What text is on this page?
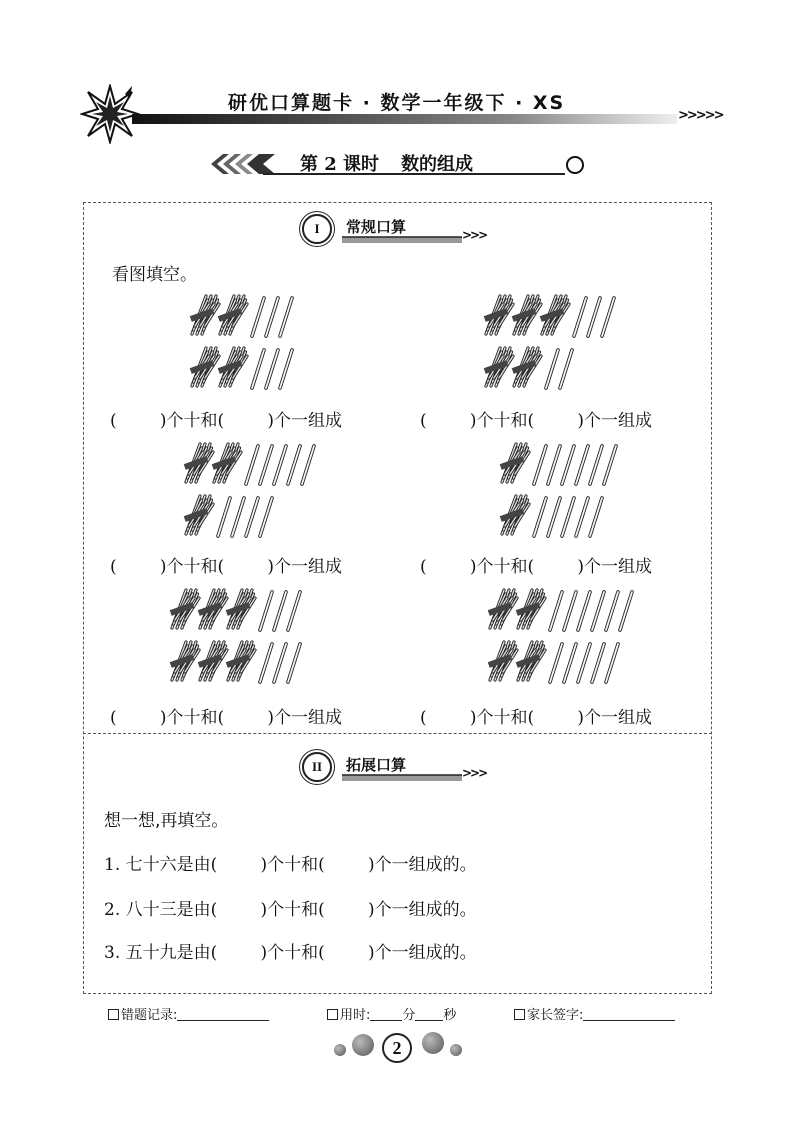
研优口算题卡 · 数学一年级下 · XS
>>>>>
第 2 课时 数的组成
I	常规口算	>>>
看图填空。
(        )个十和(        )个一组成	(        )个十和(        )个一组成
(        )个十和(        )个一组成	(        )个十和(        )个一组成
(        )个十和(        )个一组成	(        )个十和(        )个一组成
II	拓展口算	>>>
想一想,再填空。
1. 七十六是由(        )个十和(        )个一组成的。
2. 八十三是由(        )个十和(        )个一组成的。
3. 五十九是由(        )个十和(        )个一组成的。
错题记录:	用时: 分 秒	家长签字:
2
